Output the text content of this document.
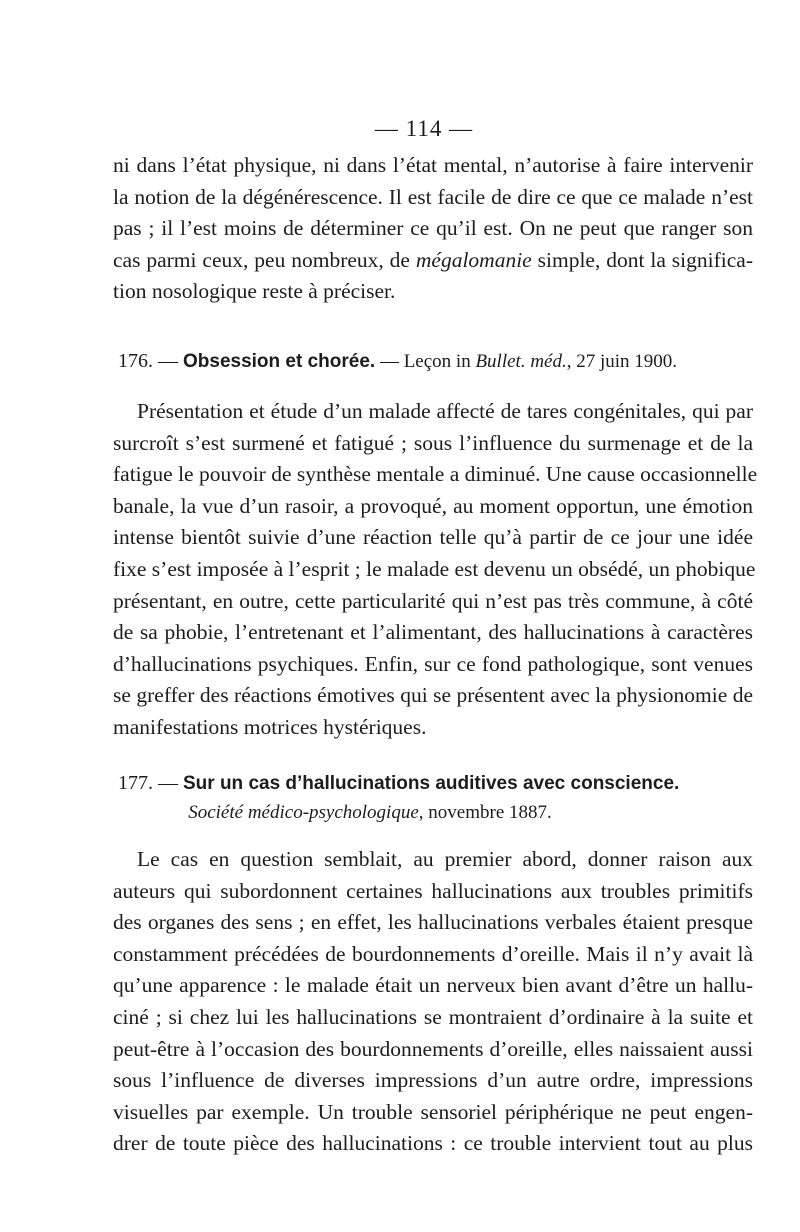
— 114 —
ni dans l’état physique, ni dans l’état mental, n’autorise à faire intervenir
la notion de la dégénérescence. Il est facile de dire ce que ce malade n’est
pas ; il l’est moins de déterminer ce qu’il est. On ne peut que ranger son
cas parmi ceux, peu nombreux, de mégalomanie simple, dont la significa-
tion nosologique reste à préciser.
176. — Obsession et chorée. — Leçon in Bullet. méd., 27 juin 1900.
Présentation et étude d’un malade affecté de tares congénitales, qui par
surcroît s’est surmené et fatigué ; sous l’influence du surmenage et de la
fatigue le pouvoir de synthèse mentale a diminué. Une cause occasionnelle
banale, la vue d’un rasoir, a provoqué, au moment opportun, une émotion
intense bientôt suivie d’une réaction telle qu’à partir de ce jour une idée
fixe s’est imposée à l’esprit ; le malade est devenu un obsédé, un phobique
présentant, en outre, cette particularité qui n’est pas très commune, à côté
de sa phobie, l’entretenant et l’alimentant, des hallucinations à caractères
d’hallucinations psychiques. Enfin, sur ce fond pathologique, sont venues
se greffer des réactions émotives qui se présentent avec la physionomie de
manifestations motrices hystériques.
177. — Sur un cas d’hallucinations auditives avec conscience.
Société médico-psychologique, novembre 1887.
Le cas en question semblait, au premier abord, donner raison aux
auteurs qui subordonnent certaines hallucinations aux troubles primitifs
des organes des sens ; en effet, les hallucinations verbales étaient presque
constamment précédées de bourdonnements d’oreille. Mais il n’y avait là
qu’une apparence : le malade était un nerveux bien avant d’être un hallu-
ciné ; si chez lui les hallucinations se montraient d’ordinaire à la suite et
peut-être à l’occasion des bourdonnements d’oreille, elles naissaient aussi
sous l’influence de diverses impressions d’un autre ordre, impressions
visuelles par exemple. Un trouble sensoriel périphérique ne peut engen-
drer de toute pièce des hallucinations : ce trouble intervient tout au plus
